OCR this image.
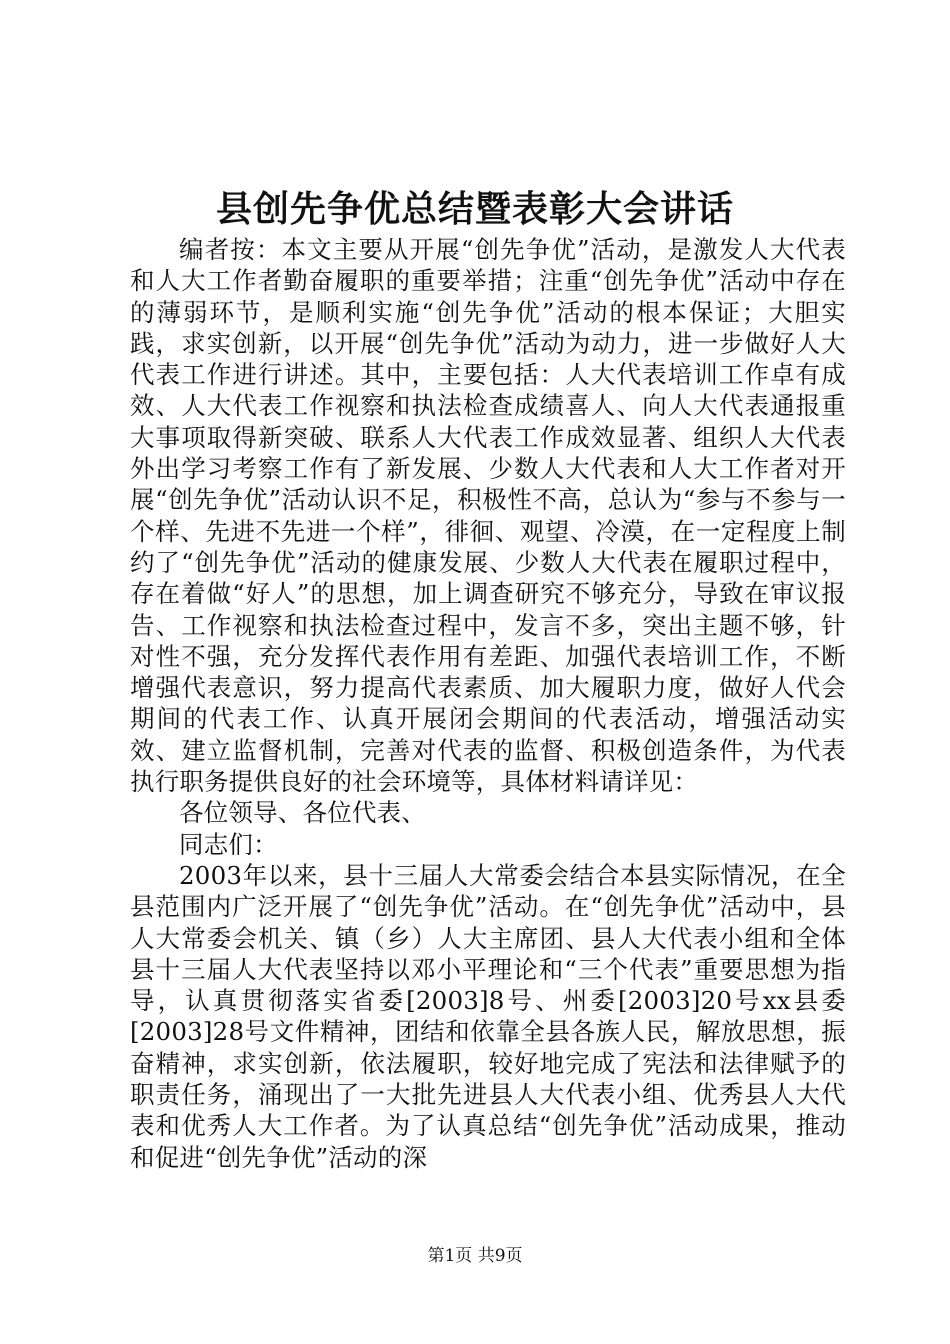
县创先争优总结暨表彰大会讲话

编者按：本文主要从开展“创先争优”活动，是激发人大代表和人大工作者勤奋履职的重要举措；注重“创先争优”活动中存在的薄弱环节，是顺利实施“创先争优”活动的根本保证；大胆实践，求实创新，以开展“创先争优”活动为动力，进一步做好人大代表工作进行讲述。其中，主要包括：人大代表培训工作卓有成效、人大代表工作视察和执法检查成绩喜人、向人大代表通报重大事项取得新突破、联系人大代表工作成效显著、组织人大代表外出学习考察工作有了新发展、少数人大代表和人大工作者对开展“创先争优”活动认识不足，积极性不高，总认为“参与不参与一个样、先进不先进一个样”，徘徊、观望、冷漠，在一定程度上制约了“创先争优”活动的健康发展、少数人大代表在履职过程中，存在着做“好人”的思想，加上调查研究不够充分，导致在审议报告、工作视察和执法检查过程中，发言不多，突出主题不够，针对性不强，充分发挥代表作用有差距、加强代表培训工作，不断增强代表意识，努力提高代表素质、加大履职力度，做好人代会期间的代表工作、认真开展闭会期间的代表活动，增强活动实效、建立监督机制，完善对代表的监督、积极创造条件，为代表执行职务提供良好的社会环境等，具体材料请详见：

各位领导、各位代表、

同志们：

2003年以来，县十三届人大常委会结合本县实际情况，在全县范围内广泛开展了“创先争优”活动。在“创先争优”活动中，县人大常委会机关、镇（乡）人大主席团、县人大代表小组和全体县十三届人大代表坚持以邓小平理论和“三个代表”重要思想为指导，认真贯彻落实省委[2003]8号、州委[2003]20号xx县委[2003]28号文件精神，团结和依靠全县各族人民，解放思想，振奋精神，求实创新，依法履职，较好地完成了宪法和法律赋予的职责任务，涌现出了一大批先进县人大代表小组、优秀县人大代表和优秀人大工作者。为了认真总结“创先争优”活动成果，推动和促进“创先争优”活动的深

第1页 共9页
